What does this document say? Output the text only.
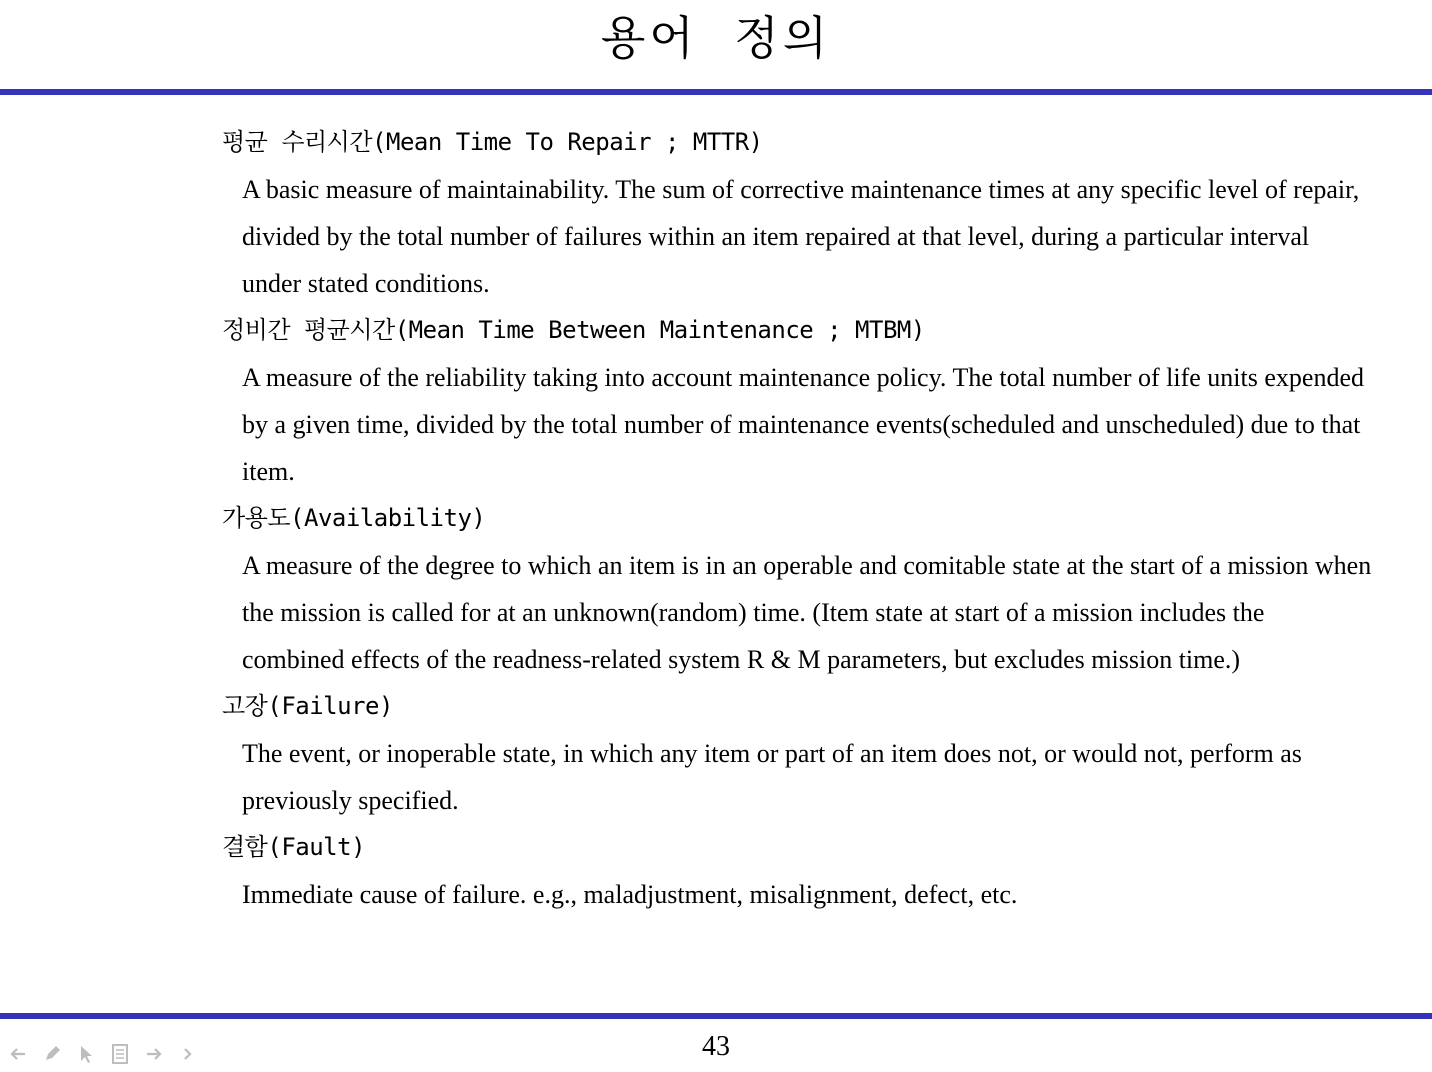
용어 정의
평균 수리시간(Mean Time To Repair ; MTTR)
A basic measure of maintainability. The sum of corrective maintenance times at any specific level of repair, divided by the total number of failures within an item repaired at that level, during a particular interval under stated conditions.
정비간 평균시간(Mean Time Between Maintenance ; MTBM)
A measure of the reliability taking into account maintenance policy. The total number of life units expended by a given time, divided by the total number of maintenance events(scheduled and unscheduled) due to that item.
가용도(Availability)
A measure of the degree to which an item is in an operable and comitable state at the start of a mission when the mission is called for at an unknown(random) time. (Item state at start of a mission includes the combined effects of the readness-related system R & M parameters, but excludes mission time.)
고장(Failure)
The event, or inoperable state, in which any item or part of an item does not, or would not, perform as previously specified.
결함(Fault)
Immediate cause of failure. e.g., maladjustment, misalignment, defect, etc.
43
